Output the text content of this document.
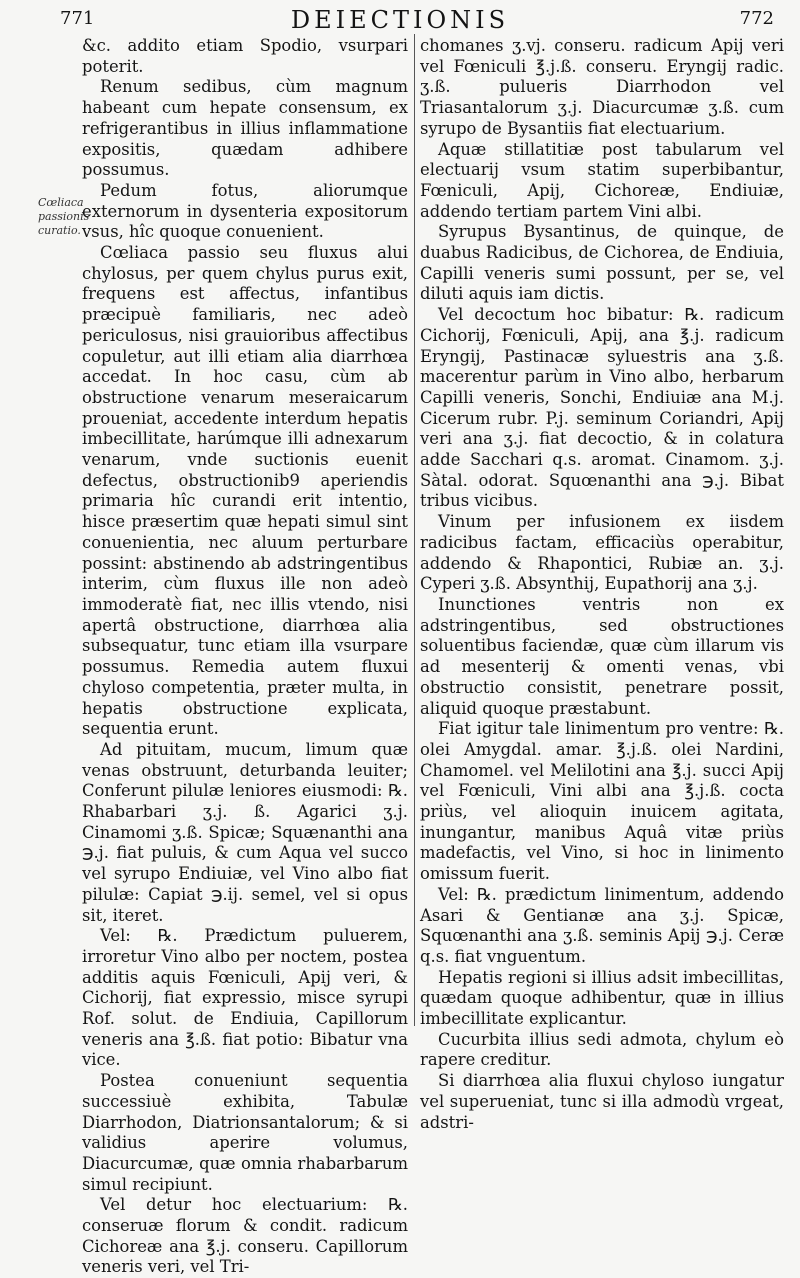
771	DEIECTIONIS	772
Cœliaca
passionis
curatio.

&c. addito etiam Spodio, vsurpari poterit.

Renum sedibus, cùm magnum habeant cum hepate consensum, ex refrigerantibus in illius inflammatione expositis, quædam adhibere possumus.

Pedum fotus, aliorumque externorum in dysenteria expositorum vsus, hîc quoque conuenient.

Cœliaca passio seu fluxus alui chylosus, per quem chylus purus exit, frequens est affectus, infantibus præcipuè familiaris, nec adeò periculosus, nisi grauioribus affectibus copuletur, aut illi etiam alia diarrhœa accedat. In hoc casu, cùm ab obstructione venarum meseraicarum proueniat, accedente interdum hepatis imbecillitate, harúmque illi adnexarum venarum, vnde suctionis euenit defectus, obstructionib9 aperiendis primaria hîc curandi erit intentio, hisce præsertim quæ hepati simul sint conuenientia, nec aluum perturbare possint: abstinendo ab adstringentibus interim, cùm fluxus ille non adeò immoderatè fiat, nec illis vtendo, nisi apertâ obstructione, diarrhœa alia subsequatur, tunc etiam illa vsurpare possumus. Remedia autem fluxui chyloso competentia, præter multa, in hepatis obstructione explicata, sequentia erunt.

Ad pituitam, mucum, limum quæ venas obstruunt, deturbanda leuiter; Conferunt pilulæ leniores eiusmodi: ℞. Rhabarbari ʒ.j. ß. Agarici ʒ.j. Cinamomi ʒ.ß. Spicæ; Squænanthi ana ℈.j. fiat puluis, & cum Aqua vel succo vel syrupo Endiuiæ, vel Vino albo fiat pilulæ: Capiat ℈.ij. semel, vel si opus sit, iteret.

Vel: ℞. Prædictum puluerem, irroretur Vino albo per noctem, postea additis aquis Fœniculi, Apij veri, & Cichorij, fiat expressio, misce syrupi Rof. solut. de Endiuia, Capillorum veneris ana ℥.ß. fiat potio: Bibatur vna vice.

Postea conueniunt sequentia successiuè exhibita, Tabulæ Diarrhodon, Diatrionsantalorum; & si validius aperire volumus, Diacurcumæ, quæ omnia rhabarbarum simul recipiunt.

Vel detur hoc electuarium: ℞. conseruæ florum & condit. radicum Cichoreæ ana ℥.j. conseru. Capillorum veneris veri, vel Tri-

chomanes ʒ.vj. conseru. radicum Apij veri vel Fœniculi ℥.j.ß. conseru. Eryngij radic. ʒ.ß. pulueris Diarrhodon vel Triasantalorum ʒ.j. Diacurcumæ ʒ.ß. cum syrupo de Bysantiis fiat electuarium.

Aquæ stillatitiæ post tabularum vel electuarij vsum statim superbibantur, Fœniculi, Apij, Cichoreæ, Endiuiæ, addendo tertiam partem Vini albi.

Syrupus Bysantinus, de quinque, de duabus Radicibus, de Cichorea, de Endiuia, Capilli veneris sumi possunt, per se, vel diluti aquis iam dictis.

Vel decoctum hoc bibatur: ℞. radicum Cichorij, Fœniculi, Apij, ana ℥.j. radicum Eryngij, Pastinacæ syluestris ana ʒ.ß. macerentur parùm in Vino albo, herbarum Capilli veneris, Sonchi, Endiuiæ ana M.j. Cicerum rubr. P.j. seminum Coriandri, Apij veri ana ʒ.j. fiat decoctio, & in colatura adde Sacchari q.s. aromat. Cinamom. ʒ.j. Sàtal. odorat. Squœnanthi ana ℈.j. Bibat tribus vicibus.

Vinum per infusionem ex iisdem radicibus factam, efficaciùs operabitur, addendo & Rhapontici, Rubiæ an. ʒ.j. Cyperi ʒ.ß. Absynthij, Eupathorij ana ʒ.j.

Inunctiones ventris non ex adstringentibus, sed obstructiones soluentibus faciendæ, quæ cùm illarum vis ad mesenterij & omenti venas, vbi obstructio consistit, penetrare possit, aliquid quoque præstabunt.

Fiat igitur tale linimentum pro ventre: ℞. olei Amygdal. amar. ℥.j.ß. olei Nardini, Chamomel. vel Melilotini ana ℥.j. succi Apij vel Fœniculi, Vini albi ana ℥.j.ß. cocta priùs, vel alioquin inuicem agitata, inungantur, manibus Aquâ vitæ priùs madefactis, vel Vino, si hoc in linimento omissum fuerit.

Vel: ℞. prædictum linimentum, addendo Asari & Gentianæ ana ʒ.j. Spicæ, Squœnanthi ana ʒ.ß. seminis Apij ℈.j. Ceræ q.s. fiat vnguentum.

Hepatis regioni si illius adsit imbecillitas, quædam quoque adhibentur, quæ in illius imbecillitate explicantur.

Cucurbita illius sedi admota, chylum eò rapere creditur.

Si diarrhœa alia fluxui chyloso iungatur vel superueniat, tunc si illa admodù vrgeat, adstri-
